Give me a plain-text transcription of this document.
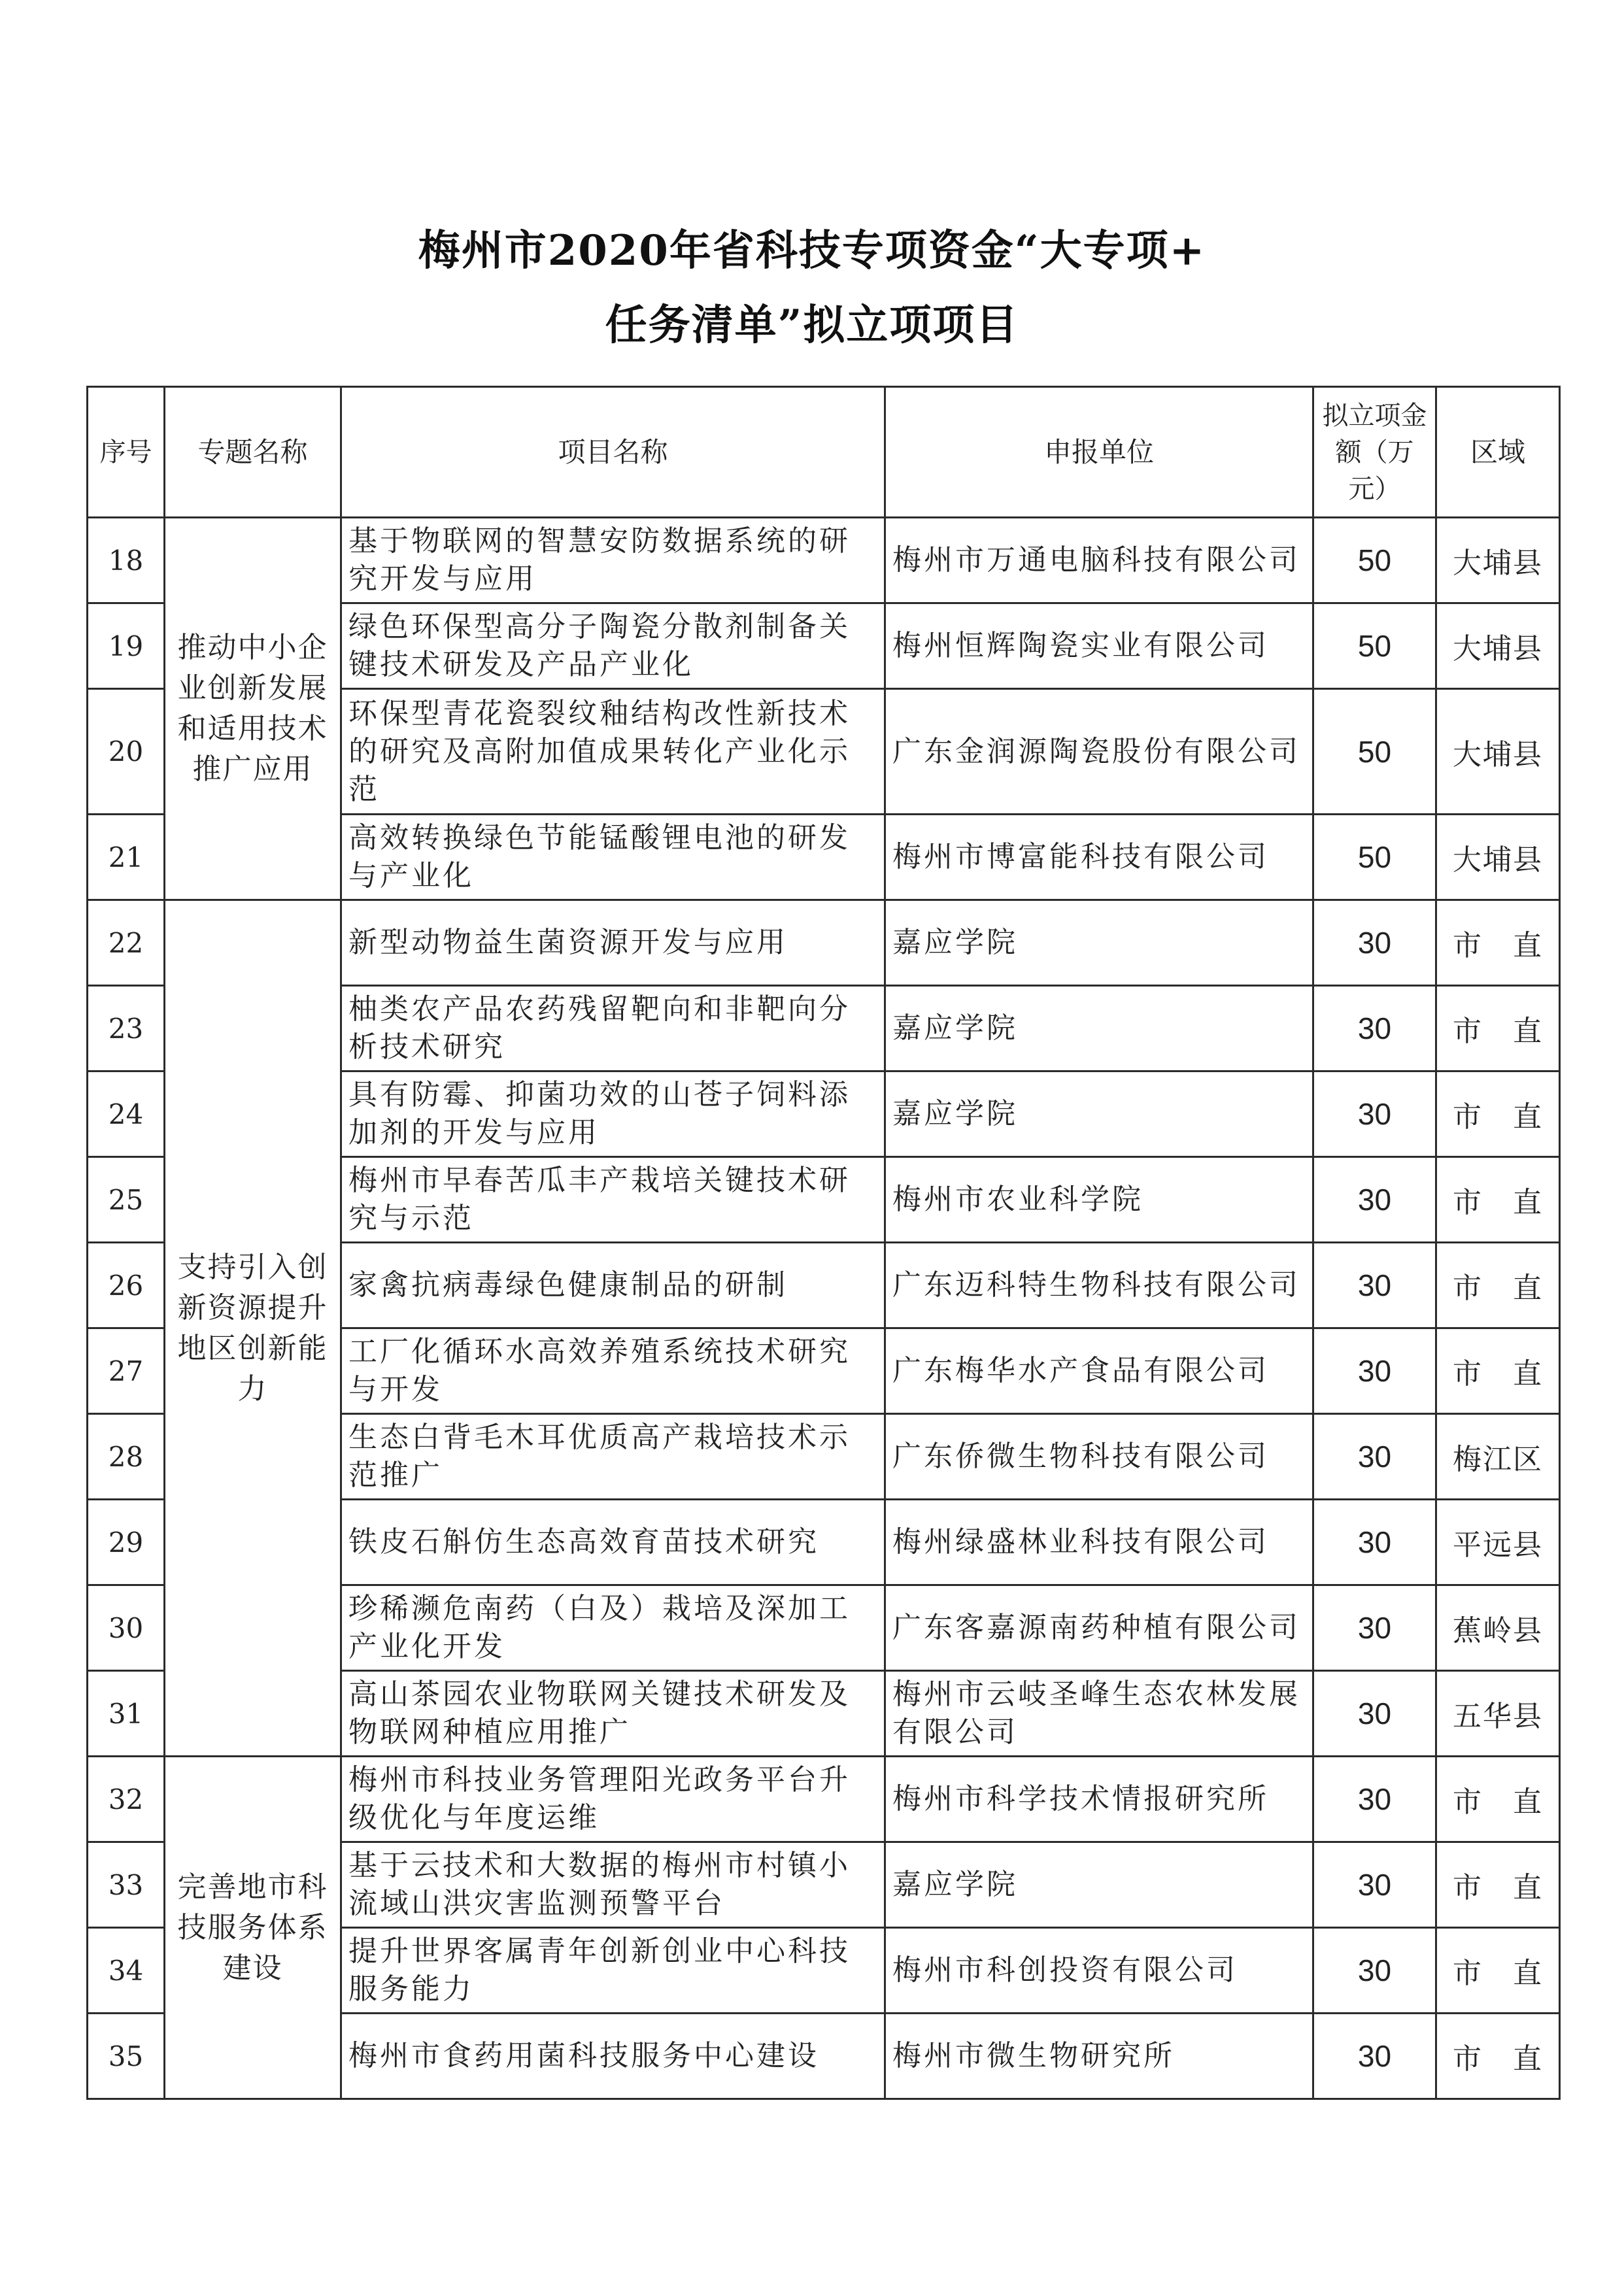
梅州市2020年省科技专项资金“大专项+
任务清单”拟立项项目
序号	专题名称	项目名称	申报单位	拟立项金额（万元）	区域
18	推动中小企业创新发展和适用技术推广应用	基于物联网的智慧安防数据系统的研究开发与应用	梅州市万通电脑科技有限公司	50	大埔县
19		绿色环保型高分子陶瓷分散剂制备关键技术研发及产品产业化	梅州恒辉陶瓷实业有限公司	50	大埔县
20		环保型青花瓷裂纹釉结构改性新技术的研究及高附加值成果转化产业化示范	广东金润源陶瓷股份有限公司	50	大埔县
21		高效转换绿色节能锰酸锂电池的研发与产业化	梅州市博富能科技有限公司	50	大埔县
22	支持引入创新资源提升地区创新能力	新型动物益生菌资源开发与应用	嘉应学院	30	市　直
23		柚类农产品农药残留靶向和非靶向分析技术研究	嘉应学院	30	市　直
24		具有防霉、抑菌功效的山苍子饲料添加剂的开发与应用	嘉应学院	30	市　直
25		梅州市早春苦瓜丰产栽培关键技术研究与示范	梅州市农业科学院	30	市　直
26		家禽抗病毒绿色健康制品的研制	广东迈科特生物科技有限公司	30	市　直
27		工厂化循环水高效养殖系统技术研究与开发	广东梅华水产食品有限公司	30	市　直
28		生态白背毛木耳优质高产栽培技术示范推广	广东侨微生物科技有限公司	30	梅江区
29		铁皮石斛仿生态高效育苗技术研究	梅州绿盛林业科技有限公司	30	平远县
30		珍稀濒危南药（白及）栽培及深加工产业化开发	广东客嘉源南药种植有限公司	30	蕉岭县
31		高山茶园农业物联网关键技术研发及物联网种植应用推广	梅州市云岐圣峰生态农林发展有限公司	30	五华县
32	完善地市科技服务体系建设	梅州市科技业务管理阳光政务平台升级优化与年度运维	梅州市科学技术情报研究所	30	市　直
33		基于云技术和大数据的梅州市村镇小流域山洪灾害监测预警平台	嘉应学院	30	市　直
34		提升世界客属青年创新创业中心科技服务能力	梅州市科创投资有限公司	30	市　直
35		梅州市食药用菌科技服务中心建设	梅州市微生物研究所	30	市　直
